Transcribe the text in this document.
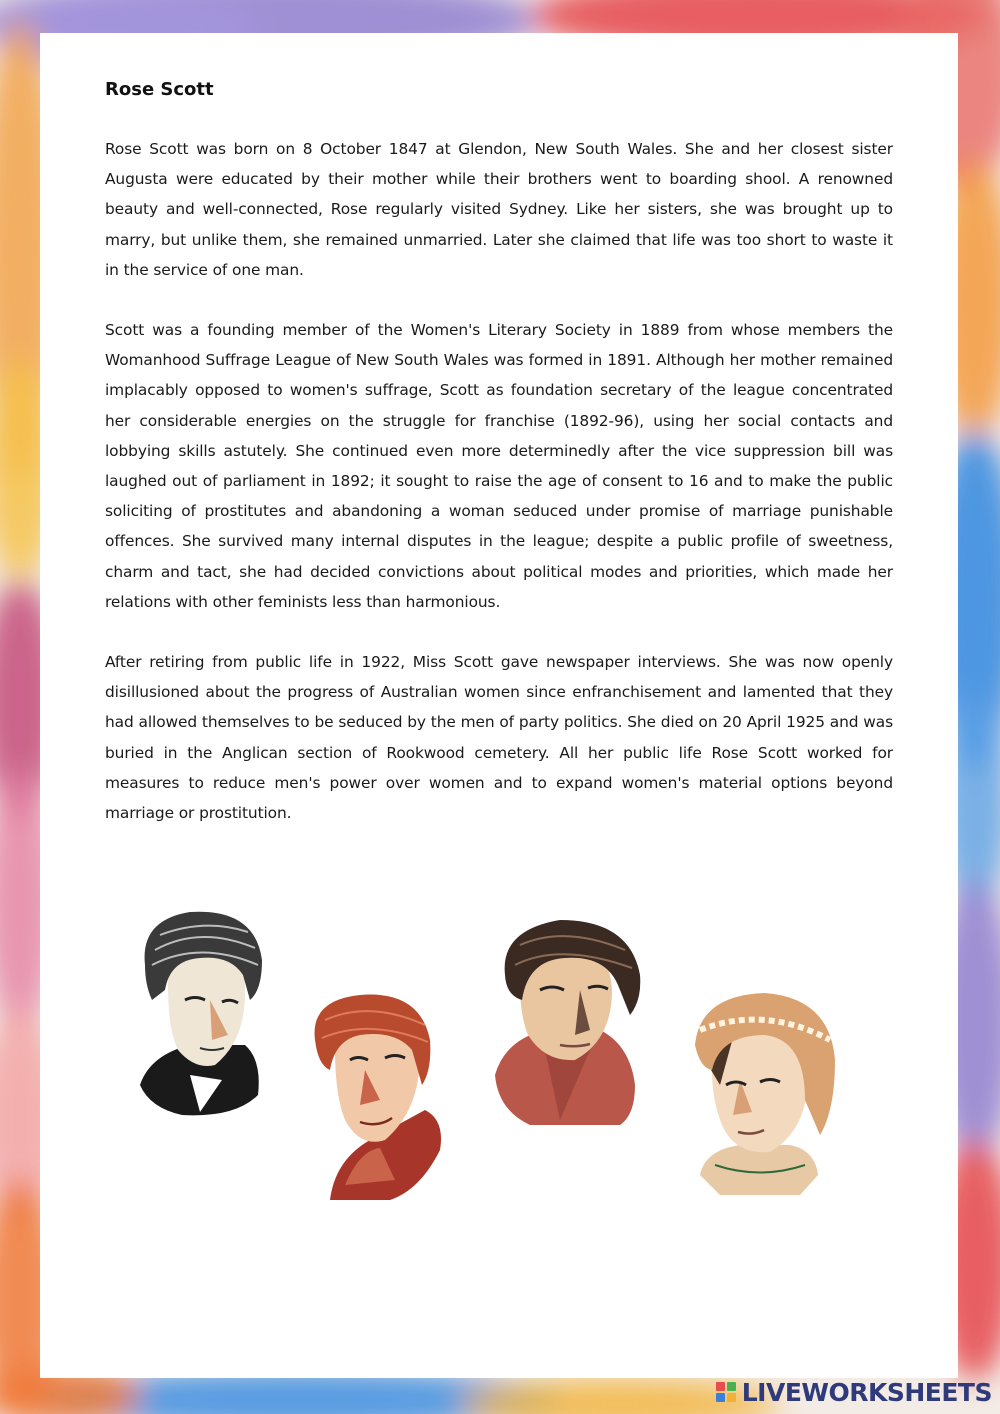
Rose Scott

Rose Scott was born on 8 October 1847 at Glendon, New South Wales. She and her closest sister Augusta were educated by their mother while their brothers went to boarding shool. A renowned beauty and well-connected, Rose regularly visited Sydney. Like her sisters, she was brought up to marry, but unlike them, she remained unmarried. Later she claimed that life was too short to waste it in the service of one man.

Scott was a founding member of the Women's Literary Society in 1889 from whose members the Womanhood Suffrage League of New South Wales was formed in 1891. Although her mother remained implacably opposed to women's suffrage, Scott as foundation secretary of the league concentrated her considerable energies on the struggle for franchise (1892-96), using her social contacts and lobbying skills astutely. She continued even more determinedly after the vice suppression bill was laughed out of parliament in 1892; it sought to raise the age of consent to 16 and to make the public soliciting of prostitutes and abandoning a woman seduced under promise of marriage punishable offences. She survived many internal disputes in the league; despite a public profile of sweetness, charm and tact, she had decided convictions about political modes and priorities, which made her relations with other feminists less than harmonious.

After retiring from public life in 1922, Miss Scott gave newspaper interviews. She was now openly disillusioned about the progress of Australian women since enfranchisement and lamented that they had allowed themselves to be seduced by the men of party politics. She died on 20 April 1925 and was buried in the Anglican section of Rookwood cemetery. All her public life Rose Scott worked for measures to reduce men's power over women and to expand women's material options beyond marriage or prostitution.

LIVEWORKSHEETS
